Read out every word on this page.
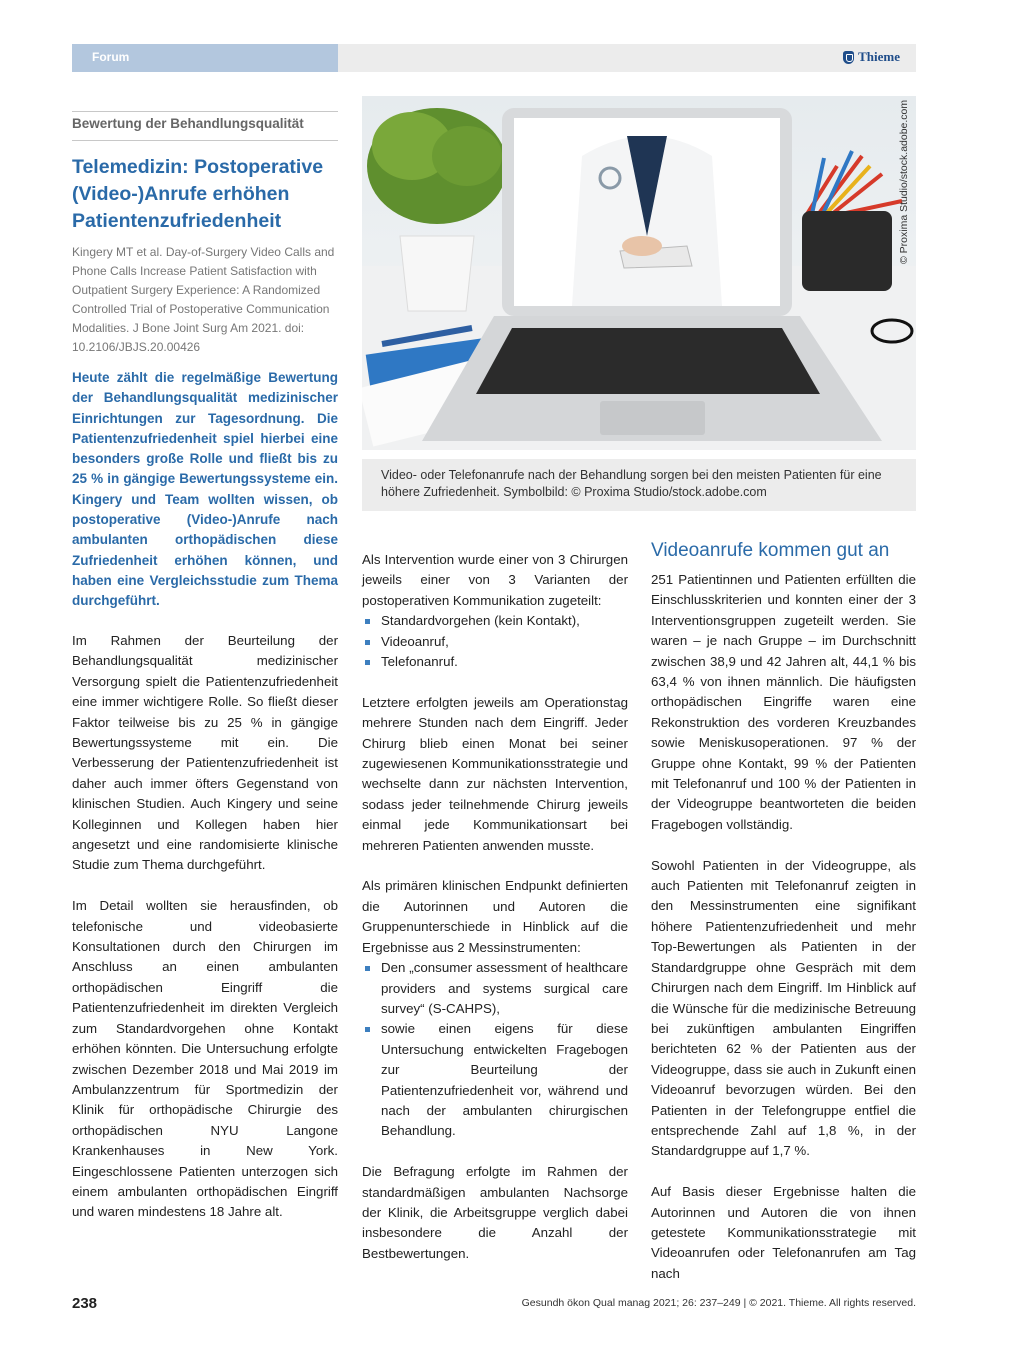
Forum	Thieme
Bewertung der Behandlungsqualität
Telemedizin: Postoperative (Video-)Anrufe erhöhen Patientenzufriedenheit
Kingery MT et al. Day-of-Surgery Video Calls and Phone Calls Increase Patient Satisfaction with Outpatient Surgery Experience: A Randomized Controlled Trial of Postoperative Communication Modalities. J Bone Joint Surg Am 2021. doi: 10.2106/JBJS.20.00426
Heute zählt die regelmäßige Bewertung der Behandlungsqualität medizinischer Einrichtungen zur Tagesordnung. Die Patientenzufriedenheit spiel hierbei eine besonders große Rolle und fließt bis zu 25 % in gängige Bewertungssysteme ein. Kingery und Team wollten wissen, ob postoperative (Video-)Anrufe nach ambulanten orthopädischen diese Zufriedenheit erhöhen können, und haben eine Vergleichsstudie zum Thema durchgeführt.

Im Rahmen der Beurteilung der Behandlungsqualität medizinischer Versorgung spielt die Patientenzufriedenheit eine immer wichtigere Rolle. So fließt dieser Faktor teilweise bis zu 25 % in gängige Bewertungssysteme mit ein. Die Verbesserung der Patientenzufriedenheit ist daher auch immer öfters Gegenstand von klinischen Studien. Auch Kingery und seine Kolleginnen und Kollegen haben hier angesetzt und eine randomisierte klinische Studie zum Thema durchgeführt.

Im Detail wollten sie herausfinden, ob telefonische und videobasierte Konsultationen durch den Chirurgen im Anschluss an einen ambulanten orthopädischen Eingriff die Patientenzufriedenheit im direkten Vergleich zum Standardvorgehen ohne Kontakt erhöhen könnten. Die Untersuchung erfolgte zwischen Dezember 2018 und Mai 2019 im Ambulanzzentrum für Sportmedizin der Klinik für orthopädische Chirurgie des orthopädischen NYU Langone Krankenhauses in New York. Eingeschlossene Patienten unterzogen sich einem ambulanten orthopädischen Eingriff und waren mindestens 18 Jahre alt.

© Proxima Studio/stock.adobe.com
Video- oder Telefonanrufe nach der Behandlung sorgen bei den meisten Patienten für eine höhere Zufriedenheit. Symbolbild: © Proxima Studio/stock.adobe.com

Als Intervention wurde einer von 3 Chirurgen jeweils einer von 3 Varianten der postoperativen Kommunikation zugeteilt:

Standardvorgehen (kein Kontakt),
Videoanruf,
Telefonanruf.

Letztere erfolgten jeweils am Operationstag mehrere Stunden nach dem Eingriff. Jeder Chirurg blieb einen Monat bei seiner zugewiesenen Kommunikationsstrategie und wechselte dann zur nächsten Intervention, sodass jeder teilnehmende Chirurg jeweils einmal jede Kommunikationsart bei mehreren Patienten anwenden musste.

Als primären klinischen Endpunkt definierten die Autorinnen und Autoren die Gruppenunterschiede in Hinblick auf die Ergebnisse aus 2 Messinstrumenten:

Den „consumer assessment of healthcare providers and systems surgical care survey“ (S-CAHPS),
sowie einen eigens für diese Untersuchung entwickelten Fragebogen zur Beurteilung der Patientenzufriedenheit vor, während und nach der ambulanten chirurgischen Behandlung.

Die Befragung erfolgte im Rahmen der standardmäßigen ambulanten Nachsorge der Klinik, die Arbeitsgruppe verglich dabei insbesondere die Anzahl der Bestbewertungen.

Videoanrufe kommen gut an

251 Patientinnen und Patienten erfüllten die Einschlusskriterien und konnten einer der 3 Interventionsgruppen zugeteilt werden. Sie waren – je nach Gruppe – im Durchschnitt zwischen 38,9 und 42 Jahren alt, 44,1 % bis 63,4 % von ihnen männlich. Die häufigsten orthopädischen Eingriffe waren eine Rekonstruktion des vorderen Kreuzbandes sowie Meniskusoperationen. 97 % der Gruppe ohne Kontakt, 99 % der Patienten mit Telefonanruf und 100 % der Patienten in der Videogruppe beantworteten die beiden Fragebogen vollständig.

Sowohl Patienten in der Videogruppe, als auch Patienten mit Telefonanruf zeigten in den Messinstrumenten eine signifikant höhere Patientenzufriedenheit und mehr Top-Bewertungen als Patienten in der Standardgruppe ohne Gespräch mit dem Chirurgen nach dem Eingriff. Im Hinblick auf die Wünsche für die medizinische Betreuung bei zukünftigen ambulanten Eingriffen berichteten 62 % der Patienten aus der Videogruppe, dass sie auch in Zukunft einen Videoanruf bevorzugen würden. Bei den Patienten in der Telefongruppe entfiel die entsprechende Zahl auf 1,8 %, in der Standardgruppe auf 1,7 %.

Auf Basis dieser Ergebnisse halten die Autorinnen und Autoren die von ihnen getestete Kommunikationsstrategie mit Videoanrufen oder Telefonanrufen am Tag nach

238	Gesundh ökon Qual manag 2021; 26: 237–249 | © 2021. Thieme. All rights reserved.
